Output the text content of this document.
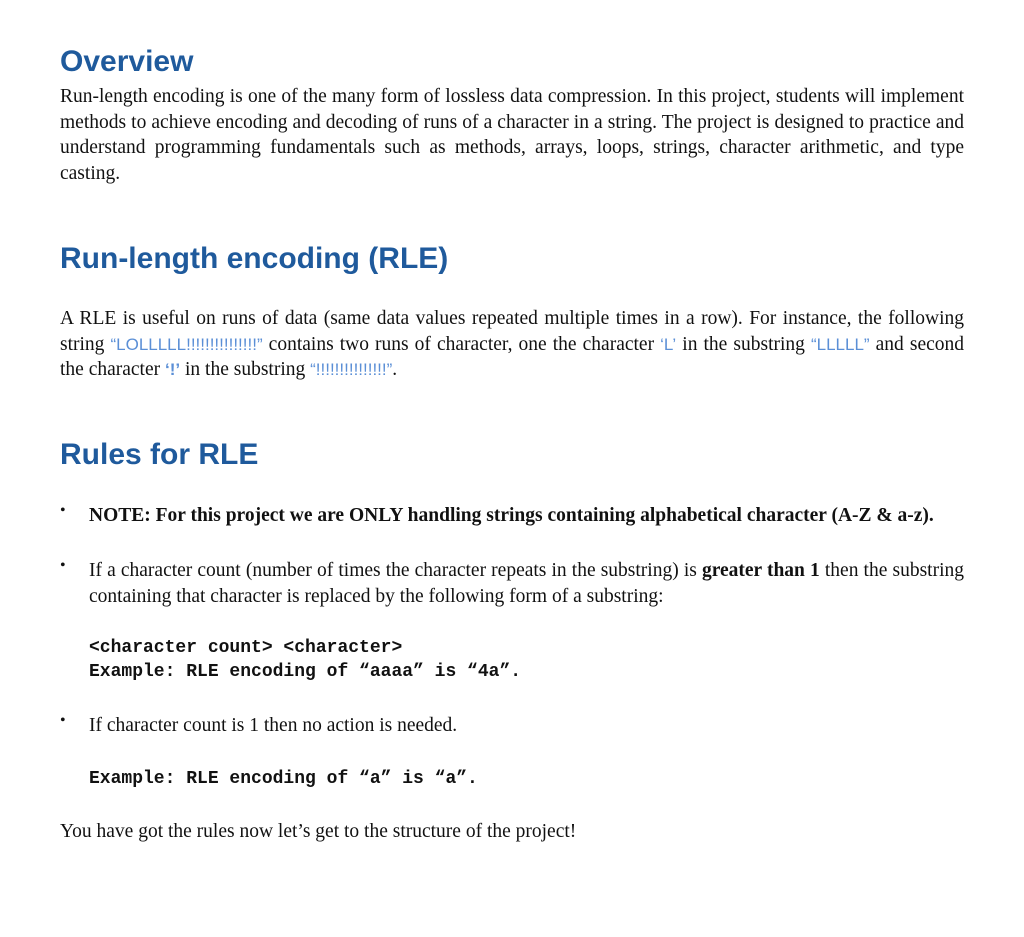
Overview

Run-length encoding is one of the many form of lossless data compression. In this project, students will implement methods to achieve encoding and decoding of runs of a character in a string. The project is designed to practice and understand programming fundamentals such as methods, arrays, loops, strings, character arithmetic, and type casting.

Run-length encoding (RLE)

A RLE is useful on runs of data (same data values repeated multiple times in a row). For instance, the following string “LOLLLLL!!!!!!!!!!!!!!!” contains two runs of character, one the character ‘L’ in the substring “LLLLL” and second the character ‘!’ in the substring “!!!!!!!!!!!!!!!”.

Rules for RLE
• NOTE: For this project we are ONLY handling strings containing alphabetical character (A-Z & a-z).

• If a character count (number of times the character repeats in the substring) is greater than 1 then the substring containing that character is replaced by the following form of a substring:

<character count> <character>
Example: RLE encoding of “aaaa” is “4a”.
• If character count is 1 then no action is needed.

Example: RLE encoding of “a” is “a”.

You have got the rules now let’s get to the structure of the project!
